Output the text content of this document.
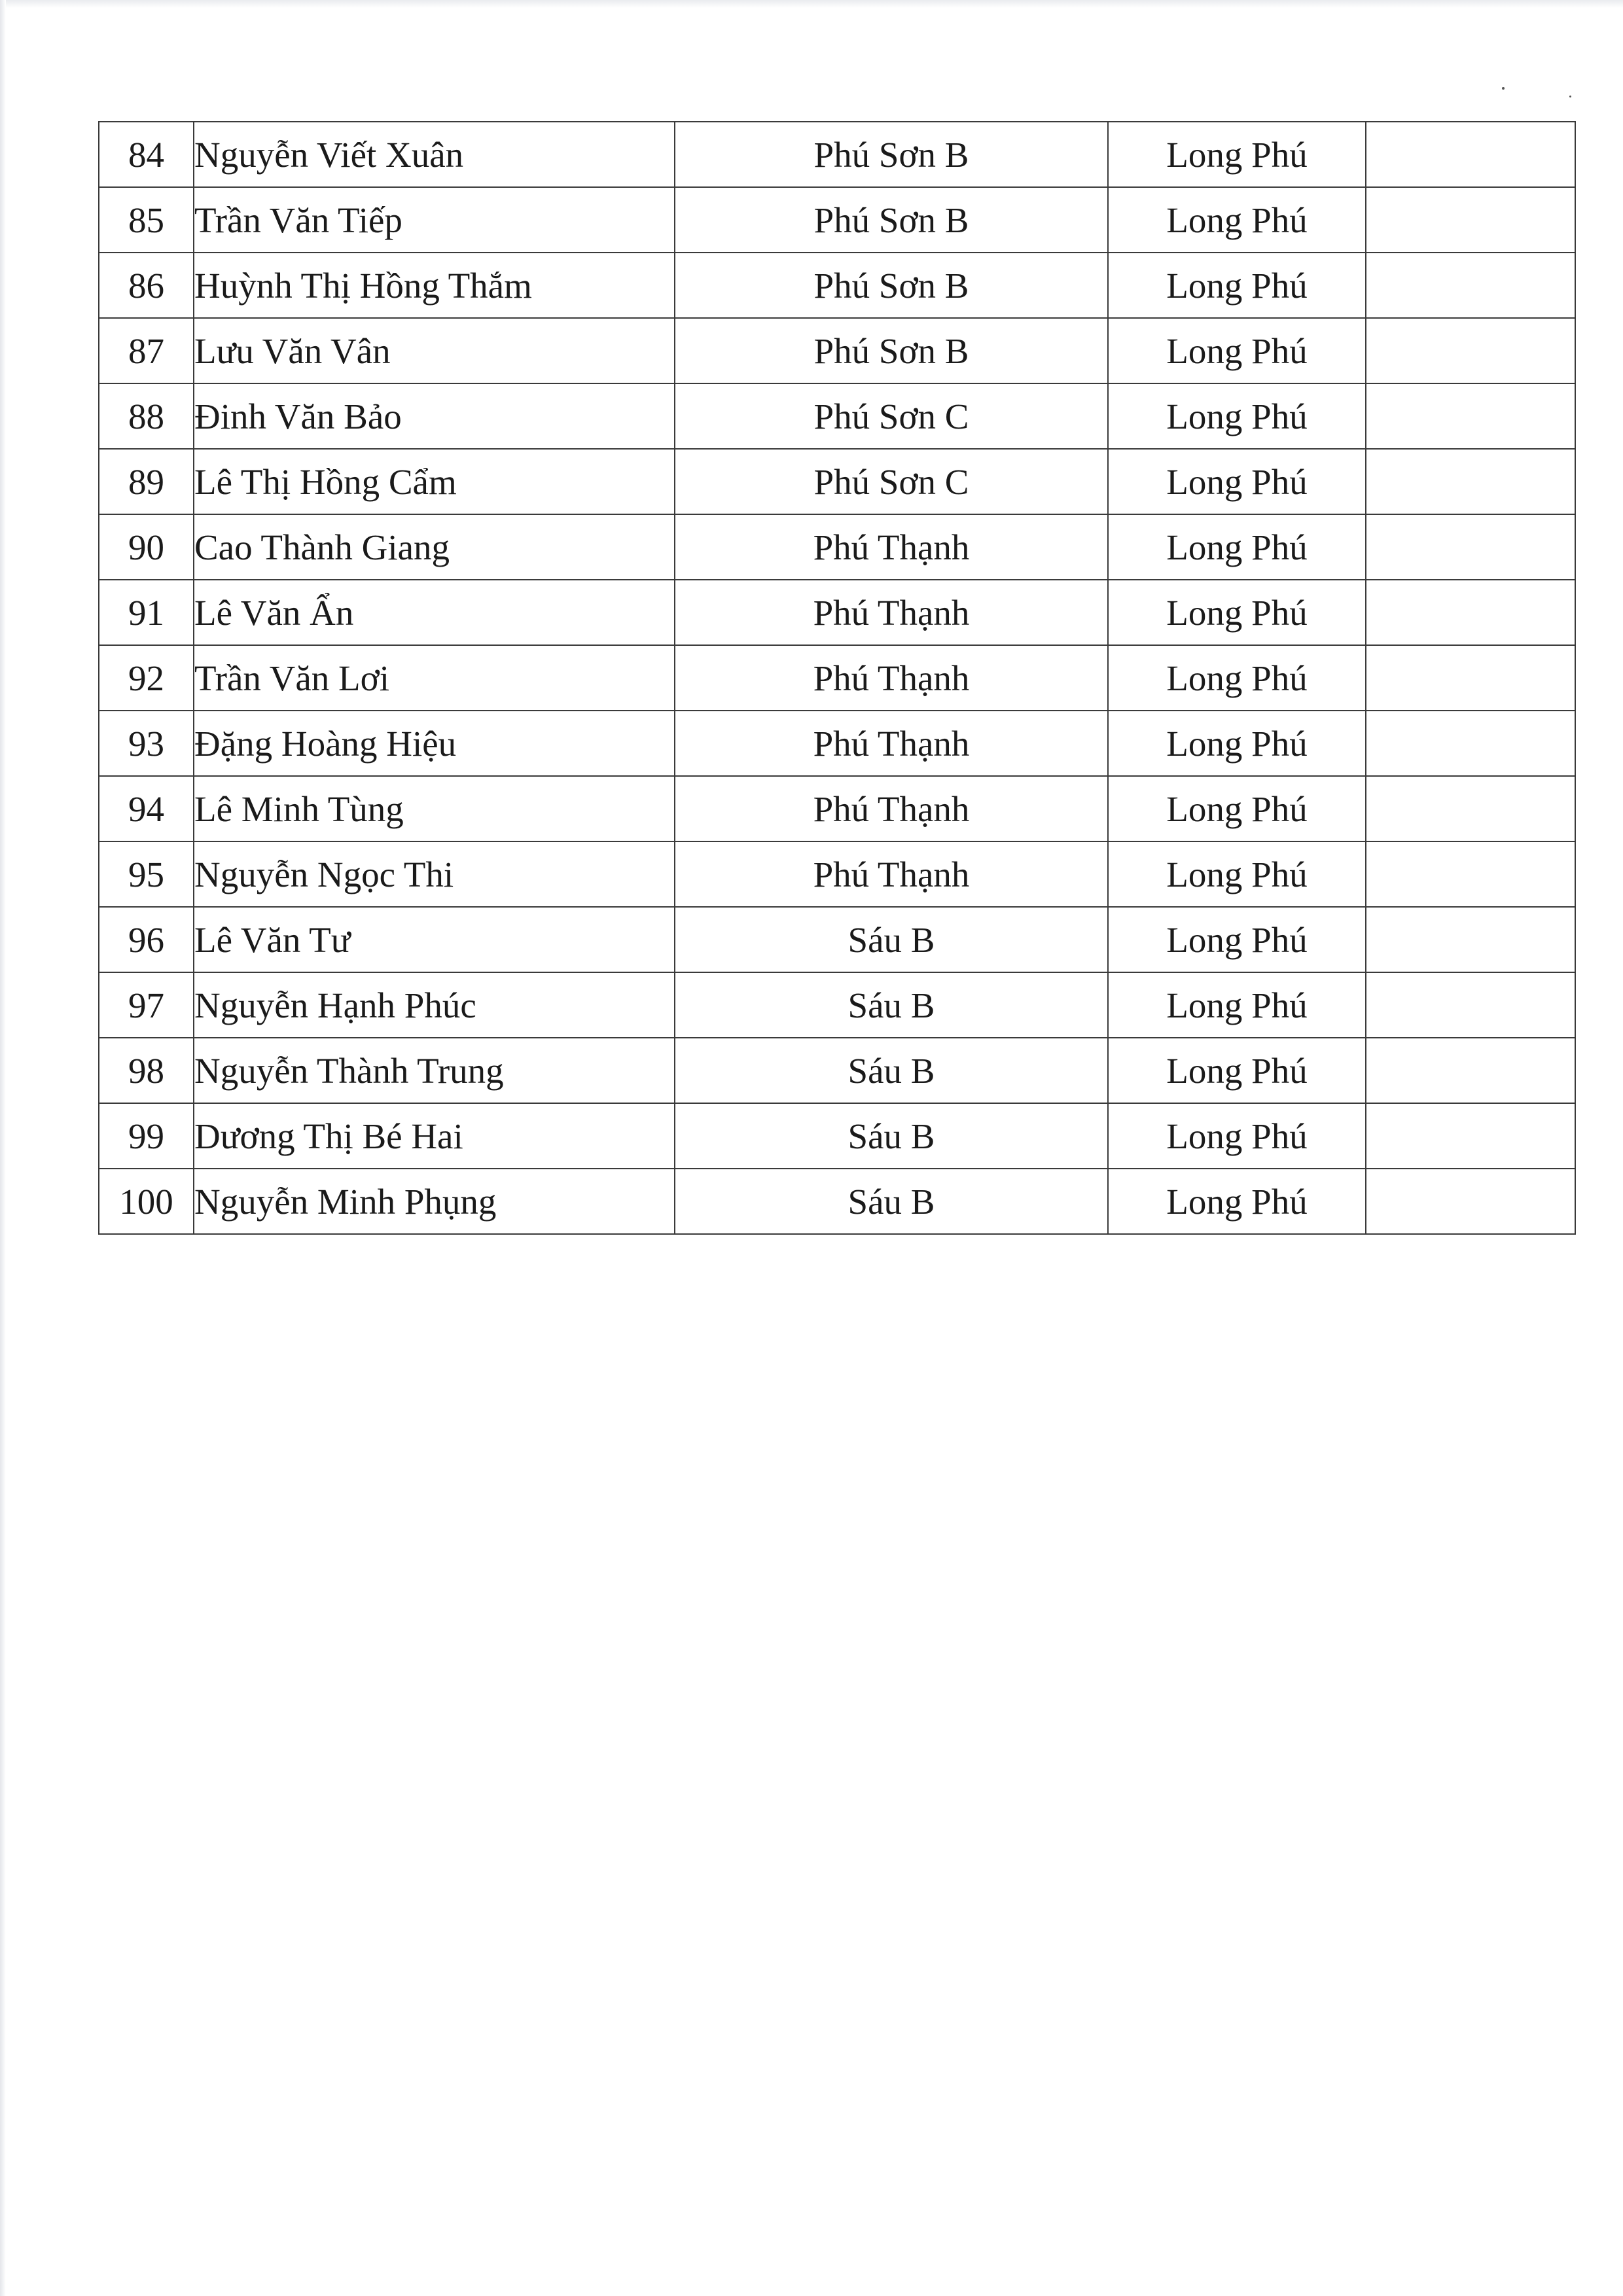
84	Nguyễn Viết Xuân	Phú Sơn B	Long Phú	
85	Trần Văn Tiếp	Phú Sơn B	Long Phú	
86	Huỳnh Thị Hồng Thắm	Phú Sơn B	Long Phú	
87	Lưu Văn Vân	Phú Sơn B	Long Phú	
88	Đinh Văn Bảo	Phú Sơn C	Long Phú	
89	Lê Thị Hồng Cẩm	Phú Sơn C	Long Phú	
90	Cao Thành Giang	Phú Thạnh	Long Phú	
91	Lê Văn Ẩn	Phú Thạnh	Long Phú	
92	Trần Văn Lơi	Phú Thạnh	Long Phú	
93	Đặng Hoàng Hiệu	Phú Thạnh	Long Phú	
94	Lê Minh Tùng	Phú Thạnh	Long Phú	
95	Nguyễn Ngọc Thi	Phú Thạnh	Long Phú	
96	Lê Văn Tư	Sáu B	Long Phú	
97	Nguyễn Hạnh Phúc	Sáu B	Long Phú	
98	Nguyễn Thành Trung	Sáu B	Long Phú	
99	Dương Thị Bé Hai	Sáu B	Long Phú	
100	Nguyễn Minh Phụng	Sáu B	Long Phú	
